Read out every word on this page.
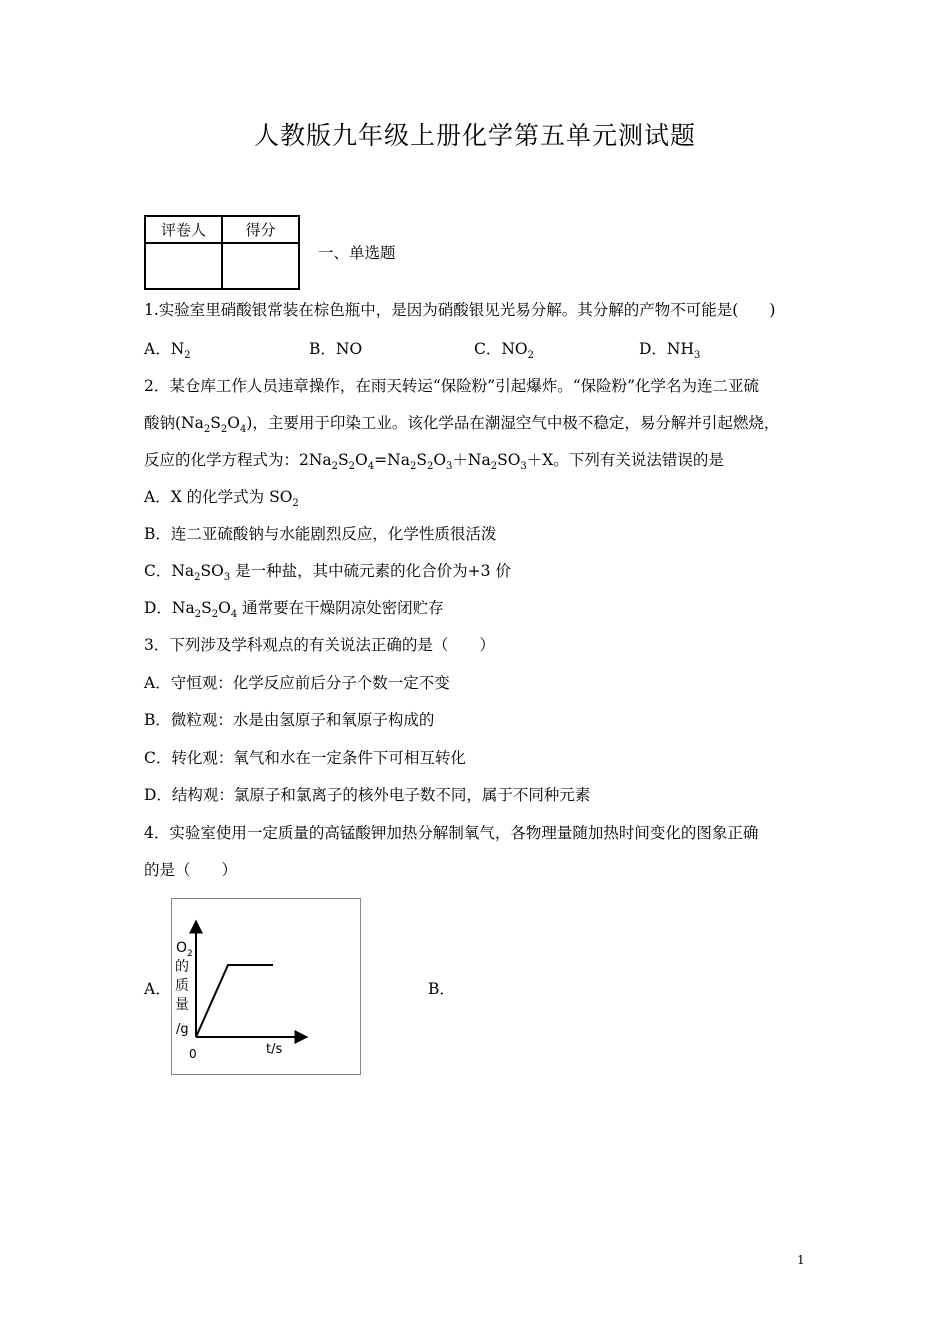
人教版九年级上册化学第五单元测试题
评卷人	得分

一、单选题
1.实验室里硝酸银常装在棕色瓶中，是因为硝酸银见光易分解。其分解的产物不可能是(　　)
A．$N_2$	B．NO	C．$NO_2$	D．$NH_3$
2．某仓库工作人员违章操作，在雨天转运“保险粉”引起爆炸。“保险粉”化学名为连二亚硫
酸钠$(Na_2S_2O_4)$，主要用于印染工业。该化学品在潮湿空气中极不稳定，易分解并引起燃烧，
反应的化学方程式为：$2Na_2S_2O_4=Na_2S_2O_3+Na_2SO_3+X$。下列有关说法错误的是
A．X 的化学式为 $SO_2$
B．连二亚硫酸钠与水能剧烈反应，化学性质很活泼
C．$Na_2SO_3$ 是一种盐，其中硫元素的化合价为+3 价
D．$Na_2S_2O_4$ 通常要在干燥阴凉处密闭贮存
3．下列涉及学科观点的有关说法正确的是（　　）
A．守恒观：化学反应前后分子个数一定不变
B．微粒观：水是由氢原子和氧原子构成的
C．转化观：氧气和水在一定条件下可相互转化
D．结构观：氯原子和氯离子的核外电子数不同，属于不同种元素
4．实验室使用一定质量的高锰酸钾加热分解制氧气，各物理量随加热时间变化的图象正确
的是（　　）
A．	B．
O 2
的
质
量
/g
0	t/s
1
